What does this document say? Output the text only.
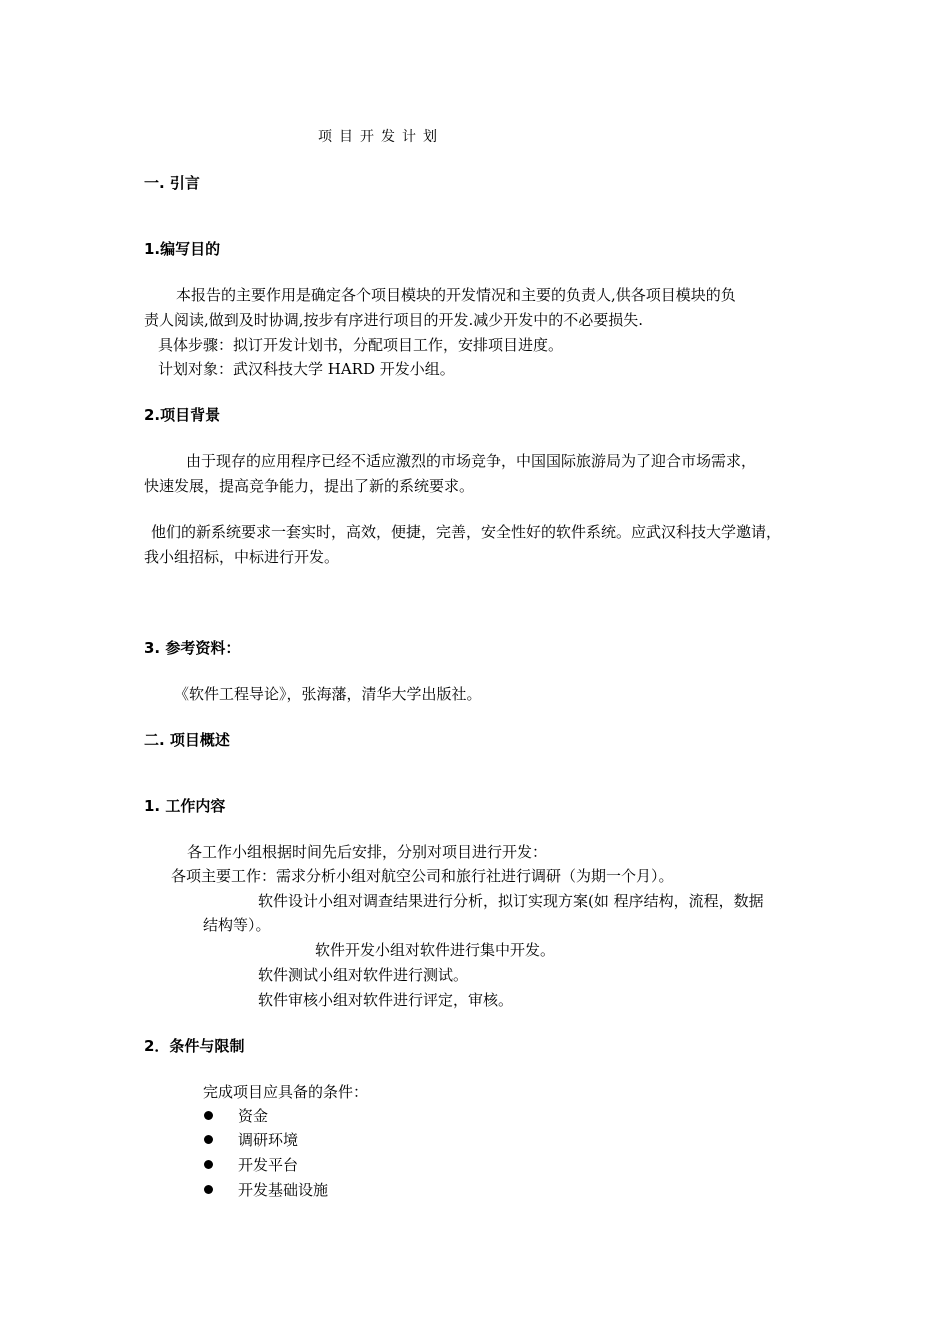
项目开发计划
一. 引言
1.编写目的
本报告的主要作用是确定各个项目模块的开发情况和主要的负责人,供各项目模块的负
责人阅读,做到及时协调,按步有序进行项目的开发.减少开发中的不必要损失.
具体步骤：拟订开发计划书，分配项目工作，安排项目进度。
计划对象：武汉科技大学 HARD 开发小组。
2.项目背景
由于现存的应用程序已经不适应激烈的市场竞争，中国国际旅游局为了迎合市场需求，
快速发展，提高竞争能力，提出了新的系统要求。
他们的新系统要求一套实时，高效，便捷，完善，安全性好的软件系统。应武汉科技大学邀请，
我小组招标，中标进行开发。
3. 参考资料：
《软件工程导论》，张海藩，清华大学出版社。
二. 项目概述
1. 工作内容
各工作小组根据时间先后安排，分别对项目进行开发：
各项主要工作：需求分析小组对航空公司和旅行社进行调研（为期一个月）。
软件设计小组对调查结果进行分析，拟订实现方案(如 程序结构，流程，数据
结构等）。
软件开发小组对软件进行集中开发。
软件测试小组对软件进行测试。
软件审核小组对软件进行评定，审核。
2．条件与限制
完成项目应具备的条件：
资金
调研环境
开发平台
开发基础设施
